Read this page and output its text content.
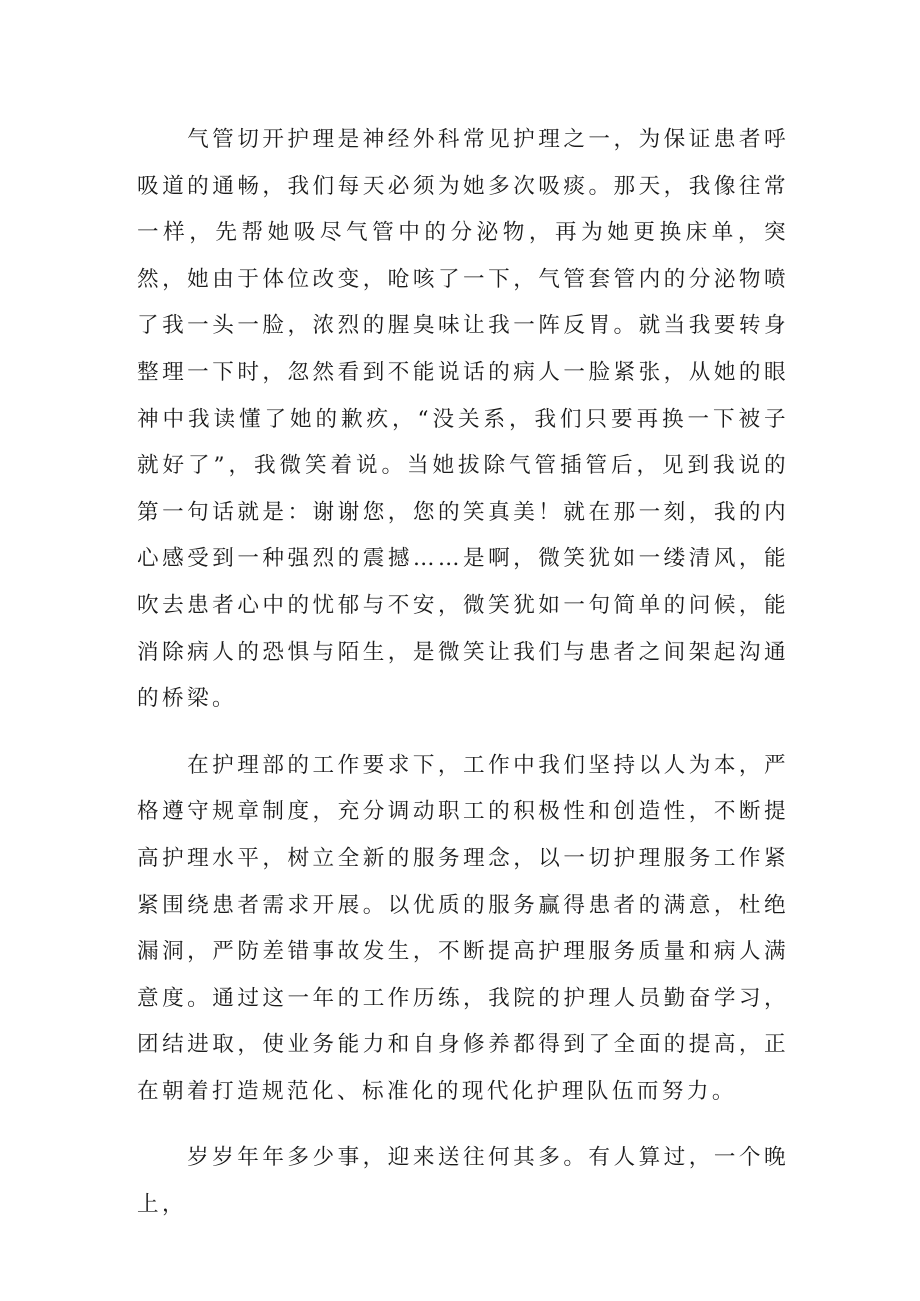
气管切开护理是神经外科常见护理之一，为保证患者呼吸道的通畅，我们每天必须为她多次吸痰。那天，我像往常一样，先帮她吸尽气管中的分泌物，再为她更换床单，突然，她由于体位改变，呛咳了一下，气管套管内的分泌物喷了我一头一脸，浓烈的腥臭味让我一阵反胃。就当我要转身整理一下时，忽然看到不能说话的病人一脸紧张，从她的眼神中我读懂了她的歉疚，“没关系，我们只要再换一下被子就好了”，我微笑着说。当她拔除气管插管后，见到我说的第一句话就是：谢谢您，您的笑真美！就在那一刻，我的内心感受到一种强烈的震撼……是啊，微笑犹如一缕清风，能吹去患者心中的忧郁与不安，微笑犹如一句简单的问候，能消除病人的恐惧与陌生，是微笑让我们与患者之间架起沟通的桥梁。

在护理部的工作要求下，工作中我们坚持以人为本，严格遵守规章制度，充分调动职工的积极性和创造性，不断提高护理水平，树立全新的服务理念，以一切护理服务工作紧紧围绕患者需求开展。以优质的服务赢得患者的满意，杜绝漏洞，严防差错事故发生，不断提高护理服务质量和病人满意度。通过这一年的工作历练，我院的护理人员勤奋学习，团结进取，使业务能力和自身修养都得到了全面的提高，正在朝着打造规范化、标准化的现代化护理队伍而努力。

岁岁年年多少事，迎来送往何其多。有人算过，一个晚上，
